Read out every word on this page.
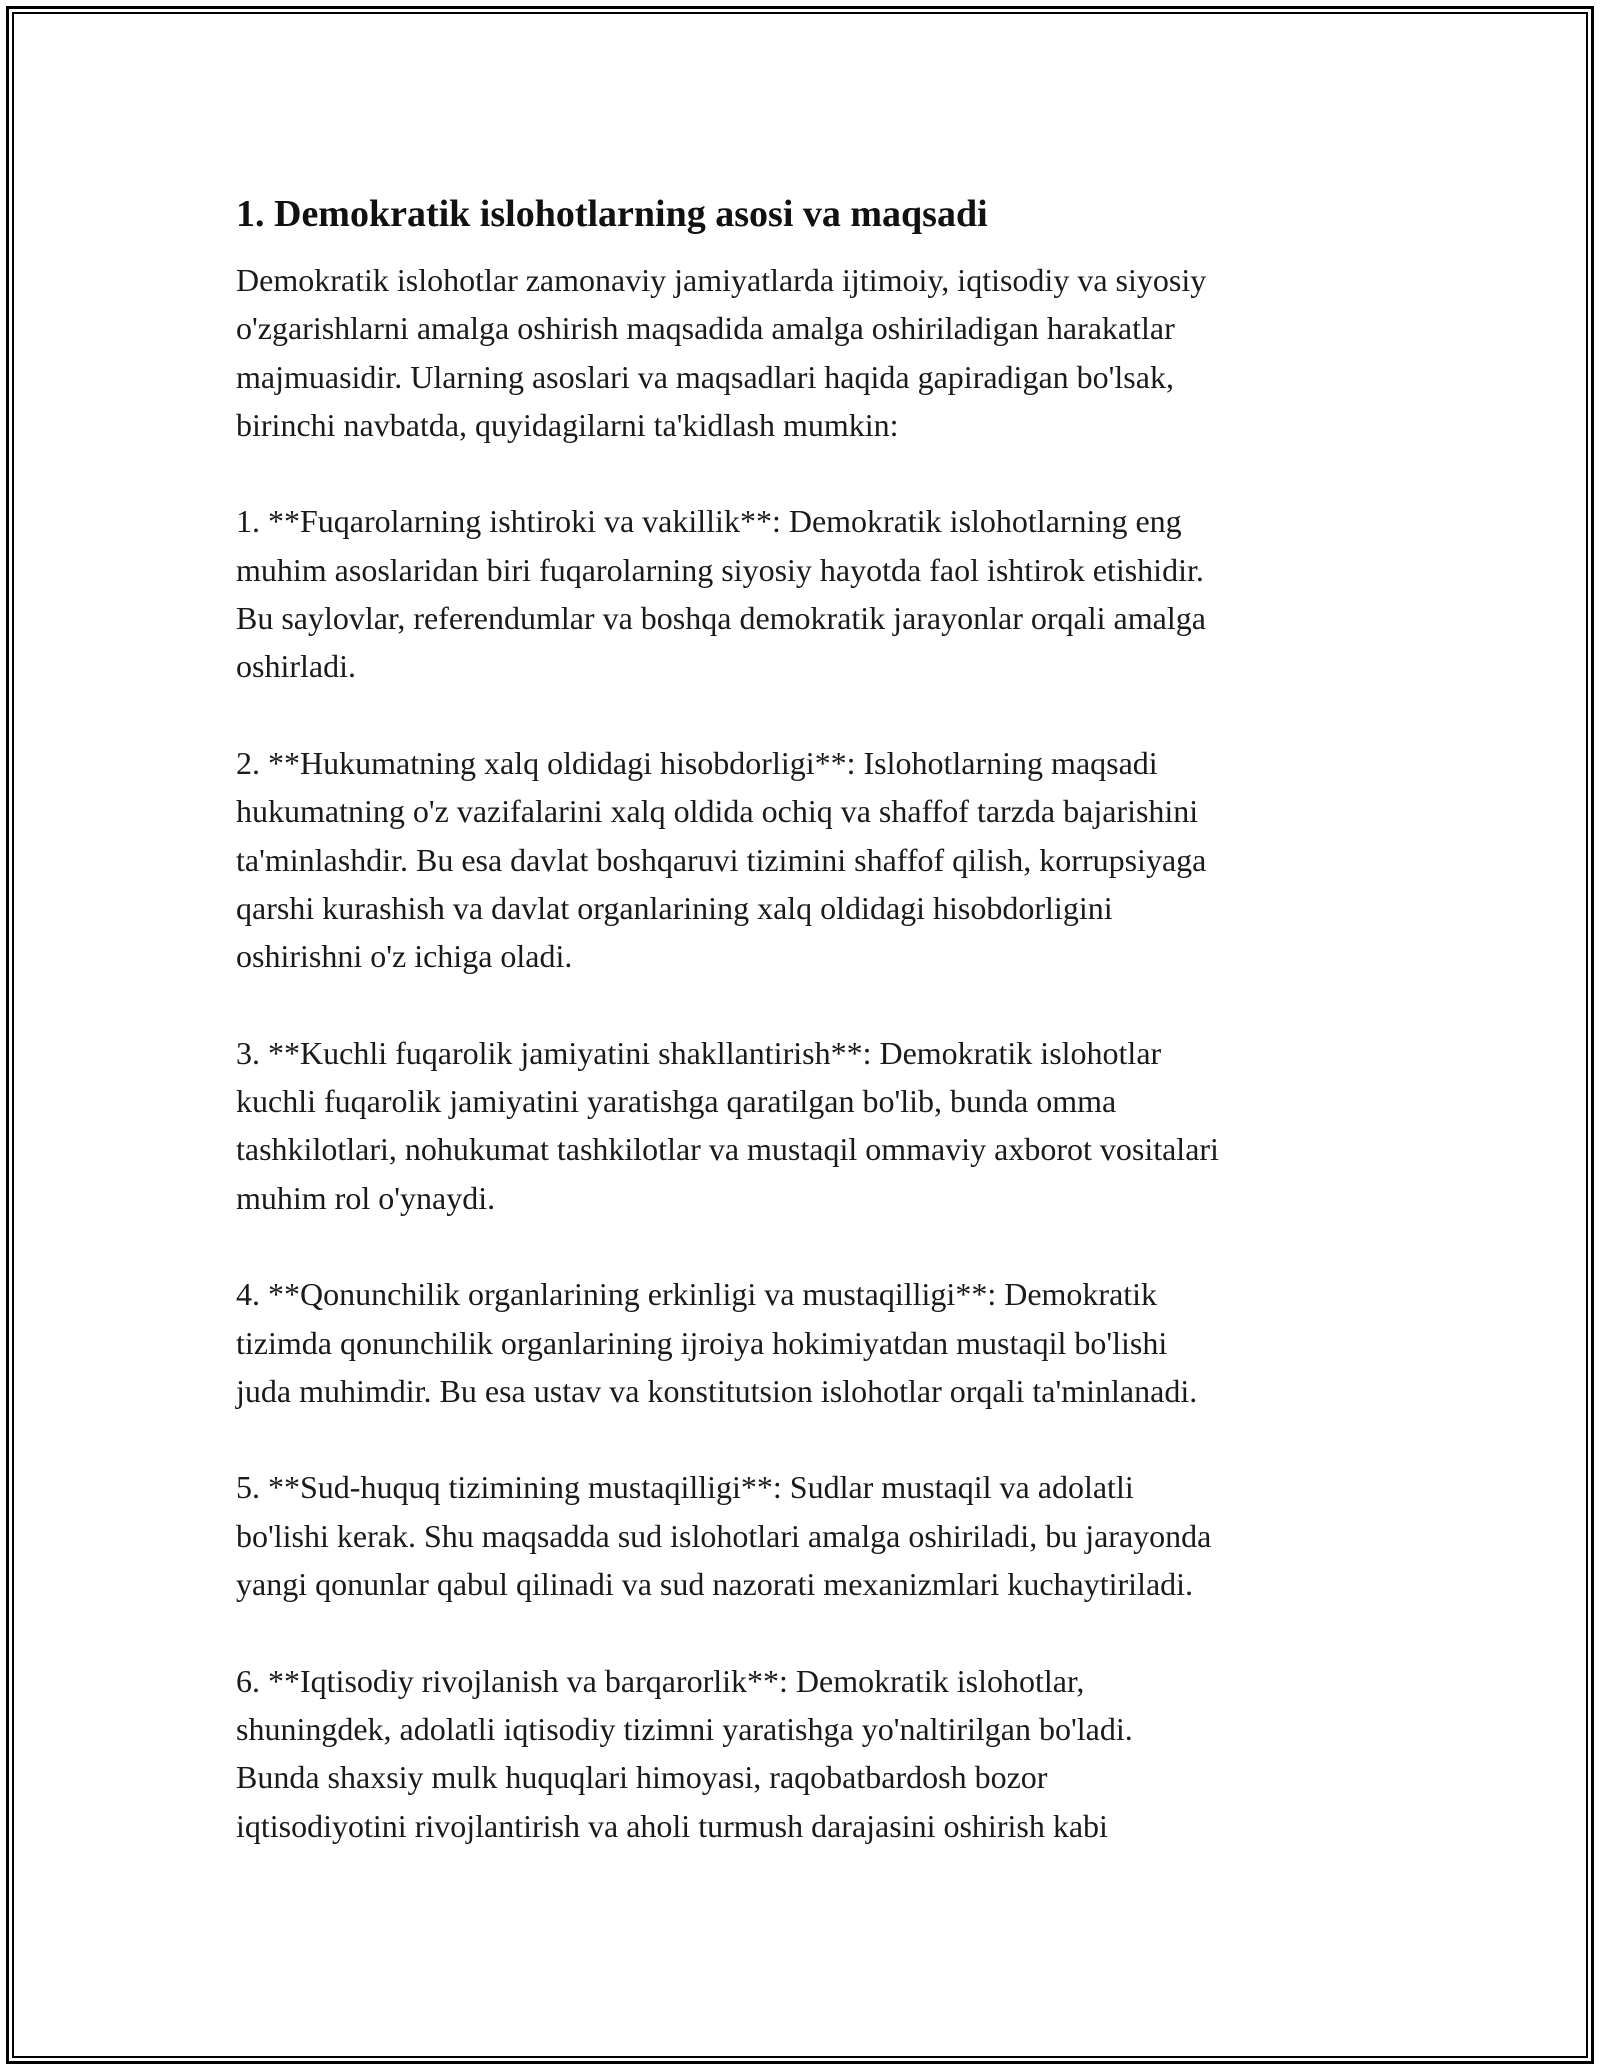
1. Demokratik islohotlarning asosi va maqsadi

Demokratik islohotlar zamonaviy jamiyatlarda ijtimoiy, iqtisodiy va siyosiy
o'zgarishlarni amalga oshirish maqsadida amalga oshiriladigan harakatlar
majmuasidir. Ularning asoslari va maqsadlari haqida gapiradigan bo'lsak,
birinchi navbatda, quyidagilarni ta'kidlash mumkin:

1. **Fuqarolarning ishtiroki va vakillik**: Demokratik islohotlarning eng
muhim asoslaridan biri fuqarolarning siyosiy hayotda faol ishtirok etishidir.
Bu saylovlar, referendumlar va boshqa demokratik jarayonlar orqali amalga
oshirladi.

2. **Hukumatning xalq oldidagi hisobdorligi**: Islohotlarning maqsadi
hukumatning o'z vazifalarini xalq oldida ochiq va shaffof tarzda bajarishini
ta'minlashdir. Bu esa davlat boshqaruvi tizimini shaffof qilish, korrupsiyaga
qarshi kurashish va davlat organlarining xalq oldidagi hisobdorligini
oshirishni o'z ichiga oladi.

3. **Kuchli fuqarolik jamiyatini shakllantirish**: Demokratik islohotlar
kuchli fuqarolik jamiyatini yaratishga qaratilgan bo'lib, bunda omma
tashkilotlari, nohukumat tashkilotlar va mustaqil ommaviy axborot vositalari
muhim rol o'ynaydi.

4. **Qonunchilik organlarining erkinligi va mustaqilligi**: Demokratik
tizimda qonunchilik organlarining ijroiya hokimiyatdan mustaqil bo'lishi
juda muhimdir. Bu esa ustav va konstitutsion islohotlar orqali ta'minlanadi.

5. **Sud-huquq tizimining mustaqilligi**: Sudlar mustaqil va adolatli
bo'lishi kerak. Shu maqsadda sud islohotlari amalga oshiriladi, bu jarayonda
yangi qonunlar qabul qilinadi va sud nazorati mexanizmlari kuchaytiriladi.

6. **Iqtisodiy rivojlanish va barqarorlik**: Demokratik islohotlar,
shuningdek, adolatli iqtisodiy tizimni yaratishga yo'naltirilgan bo'ladi.
Bunda shaxsiy mulk huquqlari himoyasi, raqobatbardosh bozor
iqtisodiyotini rivojlantirish va aholi turmush darajasini oshirish kabi
